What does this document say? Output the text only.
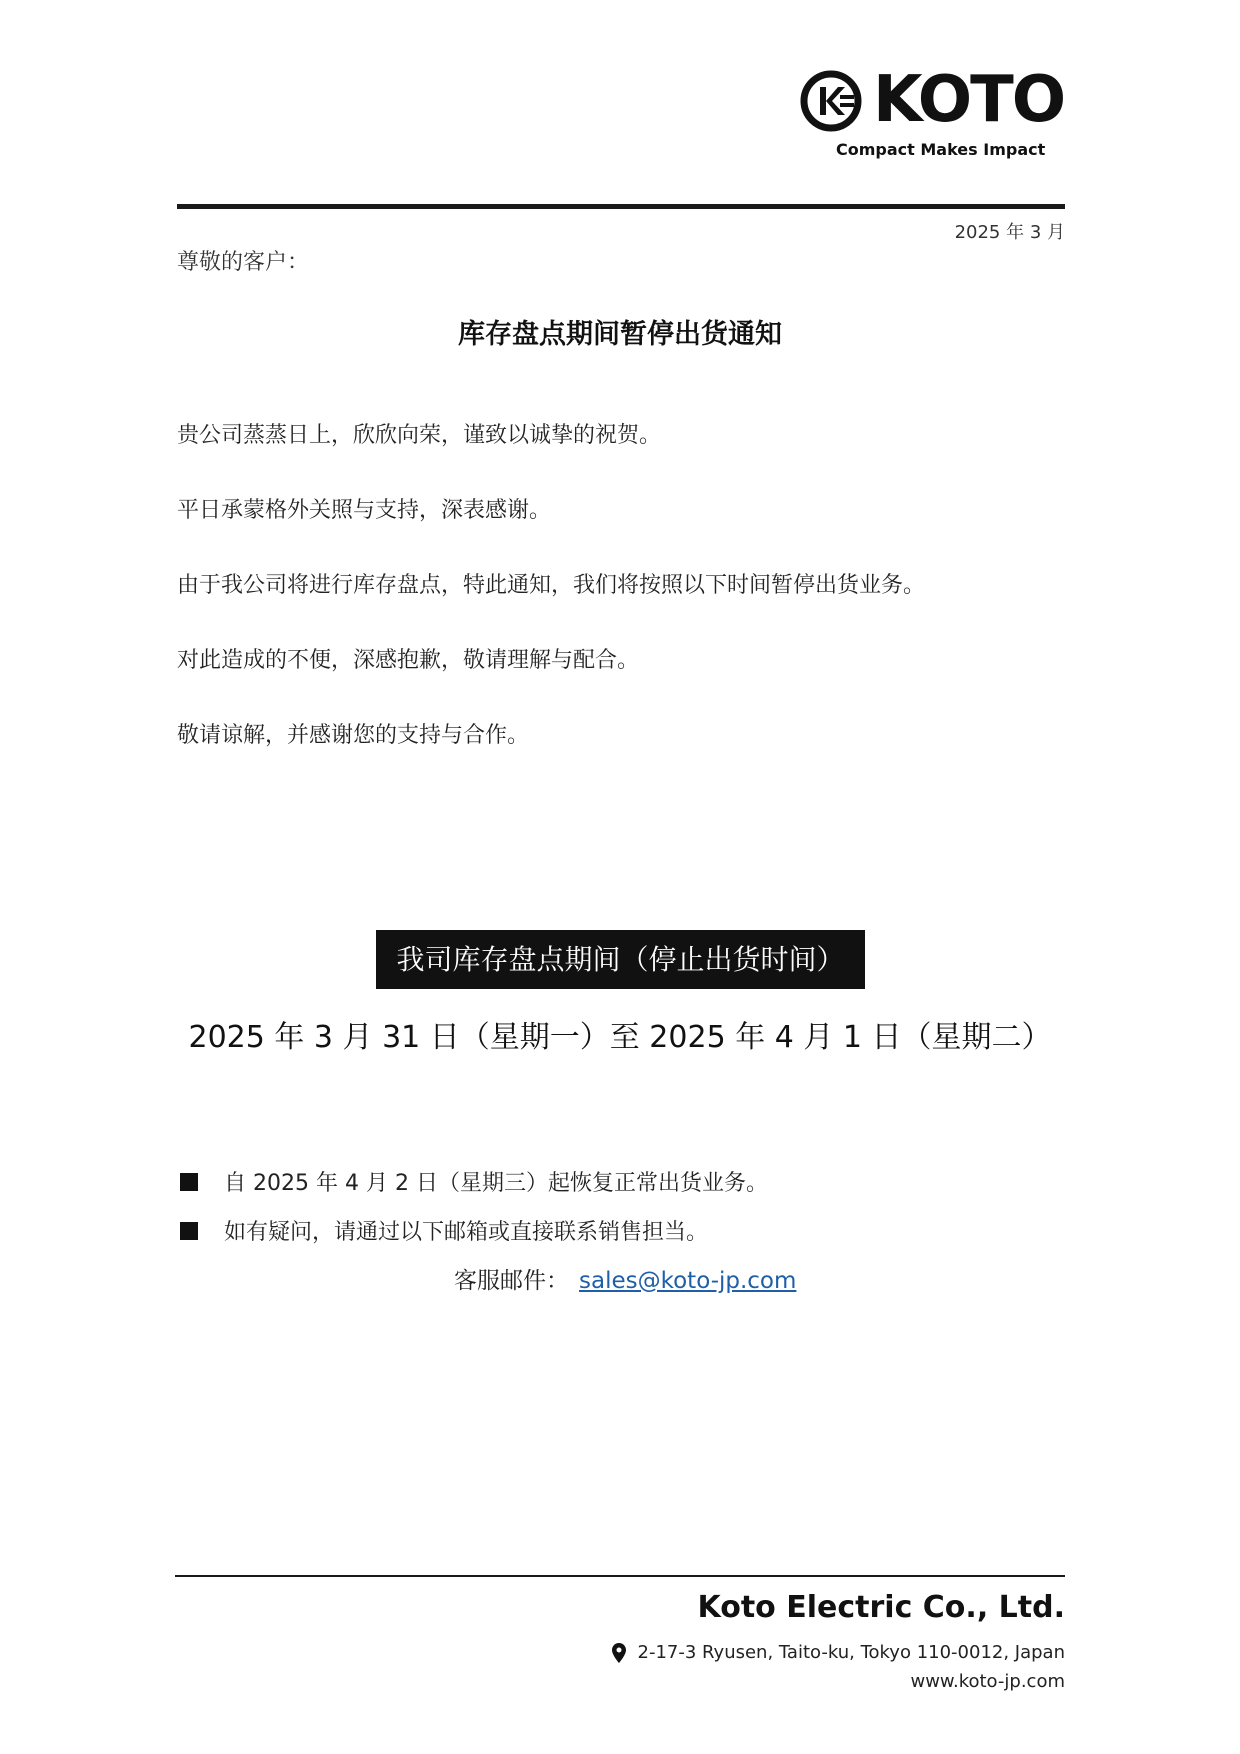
KOTO
Compact Makes Impact
2025 年 3 月
尊敬的客户：
库存盘点期间暂停出货通知

贵公司蒸蒸日上，欣欣向荣，谨致以诚挚的祝贺。

平日承蒙格外关照与支持，深表感谢。

由于我公司将进行库存盘点，特此通知，我们将按照以下时间暂停出货业务。

对此造成的不便，深感抱歉，敬请理解与配合。

敬请谅解，并感谢您的支持与合作。

我司库存盘点期间（停止出货时间）
2025 年 3 月 31 日（星期一）至 2025 年 4 月 1 日（星期二）
自 2025 年 4 月 2 日（星期三）起恢复正常出货业务。
如有疑问，请通过以下邮箱或直接联系销售担当。
客服邮件： sales@koto-jp.com
Koto Electric Co., Ltd.
2-17-3 Ryusen, Taito-ku, Tokyo 110-0012, Japan
www.koto-jp.com
